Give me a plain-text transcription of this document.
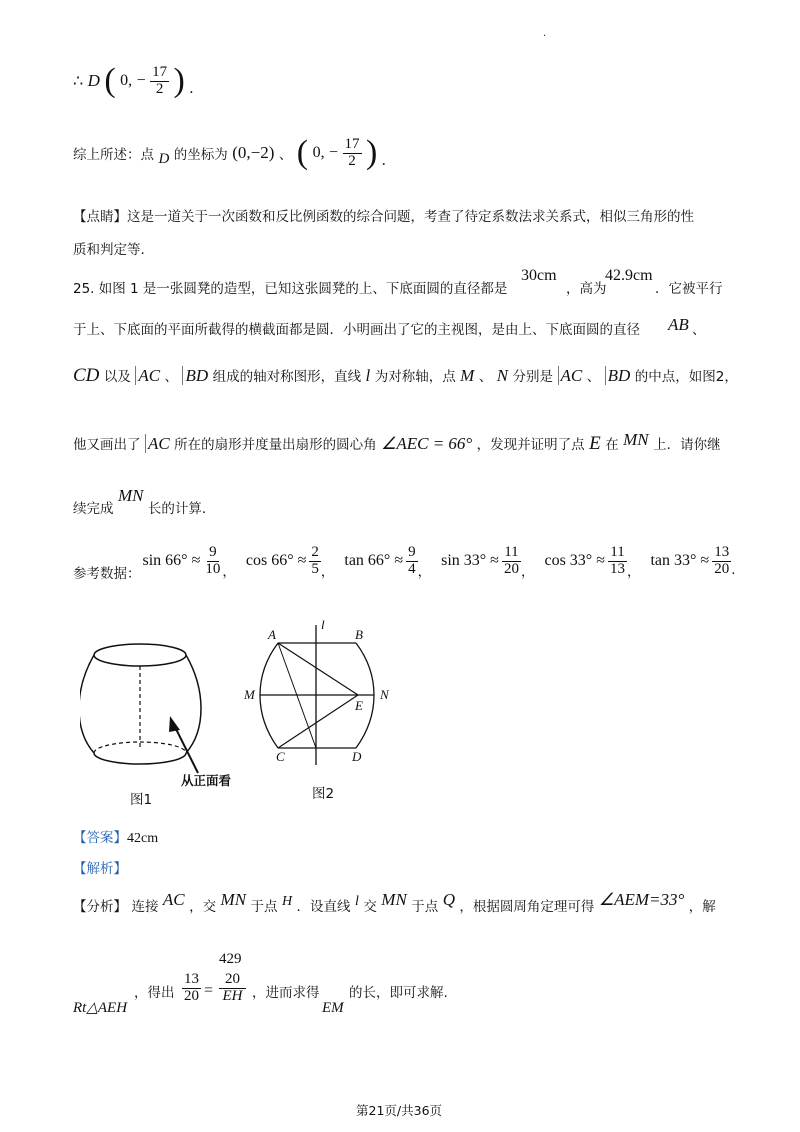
.
∴ D ( 0, − $\frac{17}{2}$ ) .
综上所述：点 D 的坐标为 (0,−2) 、 ( 0, − $\frac{17}{2}$ ) .
【点睛】这是一道关于一次函数和反比例函数的综合问题，考查了待定系数法求关系式，相似三角形的性
质和判定等.
25. 如图 1 是一张圆凳的造型，已知这张圆凳的上、下底面圆的直径都是
30cm
，高为
42.9cm
．它被平行
于上、下底面的平面所截得的横截面都是圆．小明画出了它的主视图，是由上、下底面圆的直径 AB 、
CD 以及 AC 、 BD 组成的轴对称图形，直线 l 为对称轴，点 M 、 N 分别是 AC 、 BD 的中点，如图2，
他又画出了 AC 所在的扇形并度量出扇形的圆心角 ∠AEC = 66° ，发现并证明了点 E 在 MN 上．请你继
续完成 MN 长的计算．
参考数据：
$\sin 66^\circ \approx \frac{9}{10}$ ，
$\cos 66^\circ \approx \frac{2}{5}$ ，
$\tan 66^\circ \approx \frac{9}{4}$ ，
$\sin 33^\circ \approx \frac{11}{20}$ ，
$\cos 33^\circ \approx \frac{11}{13}$ ，
$\tan 33^\circ \approx \frac{13}{20}$ .
从正面看
图1
A	B
C	D
M	N
E
l
图2
【答案】42cm
【解析】
【分析】 连接 AC ，交 MN 于点 H ．设直线 l 交 MN 于点 Q ，根据圆周角定理可得 ∠AEM=33° ，解
Rt△AEH
，得出 $\frac{13}{20}$ =
429
$\frac{20}{EH}$ ，进而求得 的长，即可求解.
EM
第21页/共36页
